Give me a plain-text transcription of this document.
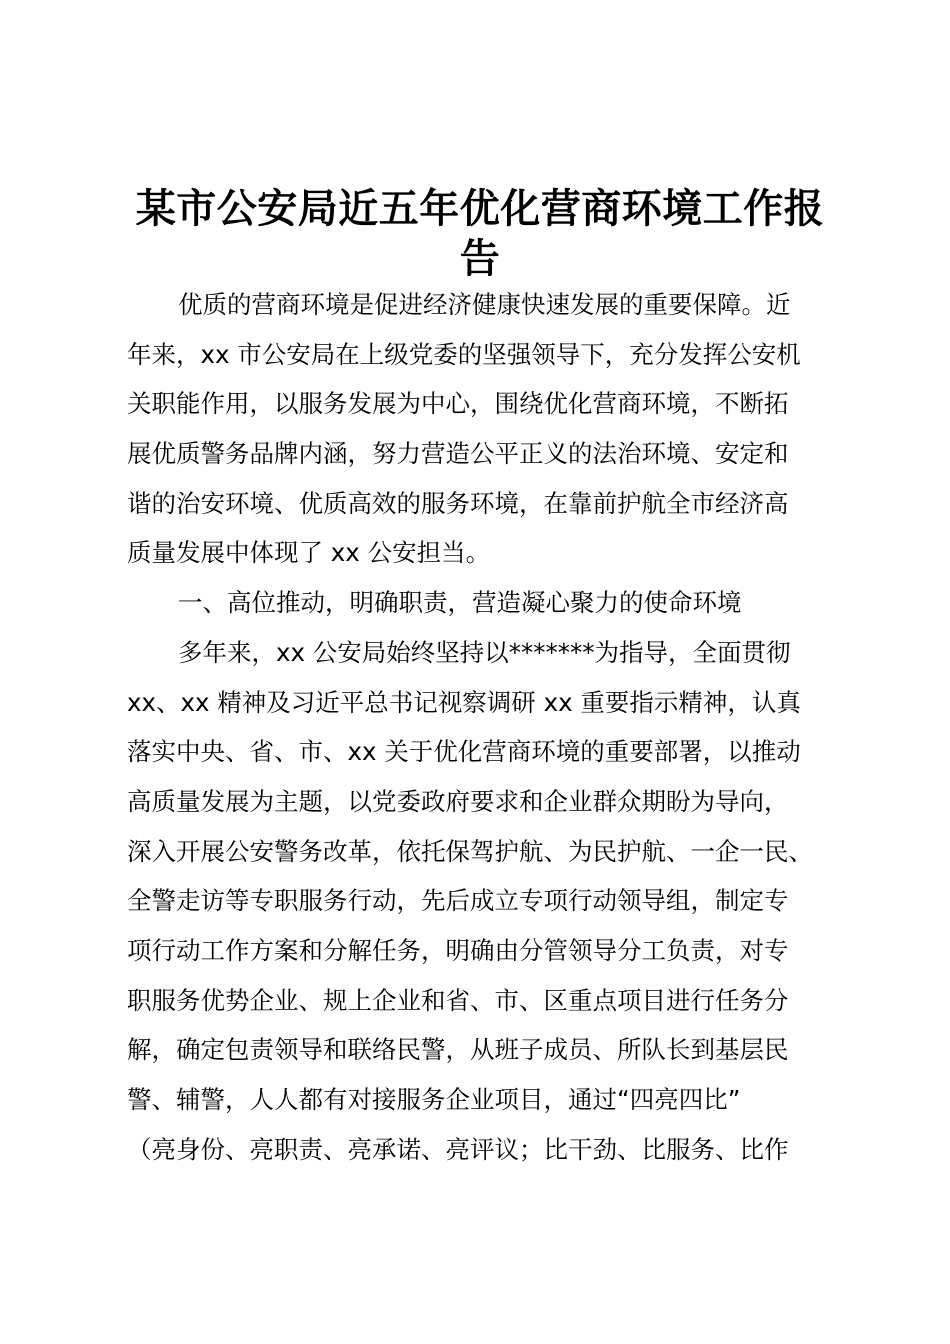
某市公安局近五年优化营商环境工作报
告

优质的营商环境是促进经济健康快速发展的重要保障。近
年来，xx 市公安局在上级党委的坚强领导下，充分发挥公安机
关职能作用，以服务发展为中心，围绕优化营商环境，不断拓
展优质警务品牌内涵，努力营造公平正义的法治环境、安定和
谐的治安环境、优质高效的服务环境，在靠前护航全市经济高
质量发展中体现了 xx 公安担当。

一、高位推动，明确职责，营造凝心聚力的使命环境

多年来，xx 公安局始终坚持以*******为指导，全面贯彻
xx、xx 精神及习近平总书记视察调研 xx 重要指示精神，认真
落实中央、省、市、xx 关于优化营商环境的重要部署，以推动
高质量发展为主题，以党委政府要求和企业群众期盼为导向，
深入开展公安警务改革，依托保驾护航、为民护航、一企一民、
全警走访等专职服务行动，先后成立专项行动领导组，制定专
项行动工作方案和分解任务，明确由分管领导分工负责，对专
职服务优势企业、规上企业和省、市、区重点项目进行任务分
解，确定包责领导和联络民警，从班子成员、所队长到基层民
警、辅警，人人都有对接服务企业项目，通过“四亮四比”
（亮身份、亮职责、亮承诺、亮评议；比干劲、比服务、比作
